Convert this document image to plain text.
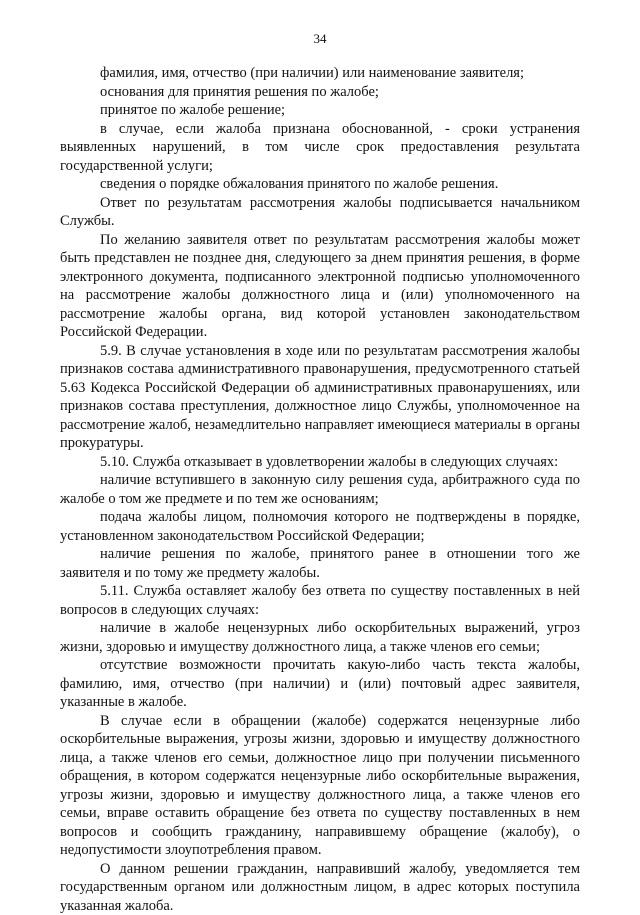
34

фамилия, имя, отчество (при наличии) или наименование заявителя;

основания для принятия решения по жалобе;

принятое по жалобе решение;

в случае, если жалоба признана обоснованной, - сроки устранения выявленных нарушений, в том числе срок предоставления результата государственной услуги;

сведения о порядке обжалования принятого по жалобе решения.

Ответ по результатам рассмотрения жалобы подписывается начальником Службы.

По желанию заявителя ответ по результатам рассмотрения жалобы может быть представлен не позднее дня, следующего за днем принятия решения, в форме электронного документа, подписанного электронной подписью уполномоченного на рассмотрение жалобы должностного лица и (или) уполномоченного на рассмотрение жалобы органа, вид которой установлен законодательством Российской Федерации.

5.9. В случае установления в ходе или по результатам рассмотрения жалобы признаков состава административного правонарушения, предусмотренного статьей 5.63 Кодекса Российской Федерации об административных правонарушениях, или признаков состава преступления, должностное лицо Службы, уполномоченное на рассмотрение жалоб, незамедлительно направляет имеющиеся материалы в органы прокуратуры.

5.10. Служба отказывает в удовлетворении жалобы в следующих случаях:

наличие вступившего в законную силу решения суда, арбитражного суда по жалобе о том же предмете и по тем же основаниям;

подача жалобы лицом, полномочия которого не подтверждены в порядке, установленном законодательством Российской Федерации;

наличие решения по жалобе, принятого ранее в отношении того же заявителя и по тому же предмету жалобы.

5.11. Служба оставляет жалобу без ответа по существу поставленных в ней вопросов в следующих случаях:

наличие в жалобе нецензурных либо оскорбительных выражений, угроз жизни, здоровью и имуществу должностного лица, а также членов его семьи;

отсутствие возможности прочитать какую-либо часть текста жалобы, фамилию, имя, отчество (при наличии) и (или) почтовый адрес заявителя, указанные в жалобе.

В случае если в обращении (жалобе) содержатся нецензурные либо оскорбительные выражения, угрозы жизни, здоровью и имуществу должностного лица, а также членов его семьи, должностное лицо при получении письменного обращения, в котором содержатся нецензурные либо оскорбительные выражения, угрозы жизни, здоровью и имуществу должностного лица, а также членов его семьи, вправе оставить обращение без ответа по существу поставленных в нем вопросов и сообщить гражданину, направившему обращение (жалобу), о недопустимости злоупотребления правом.

О данном решении гражданин, направивший жалобу, уведомляется тем государственным органом или должностным лицом, в адрес которых поступила указанная жалоба.
